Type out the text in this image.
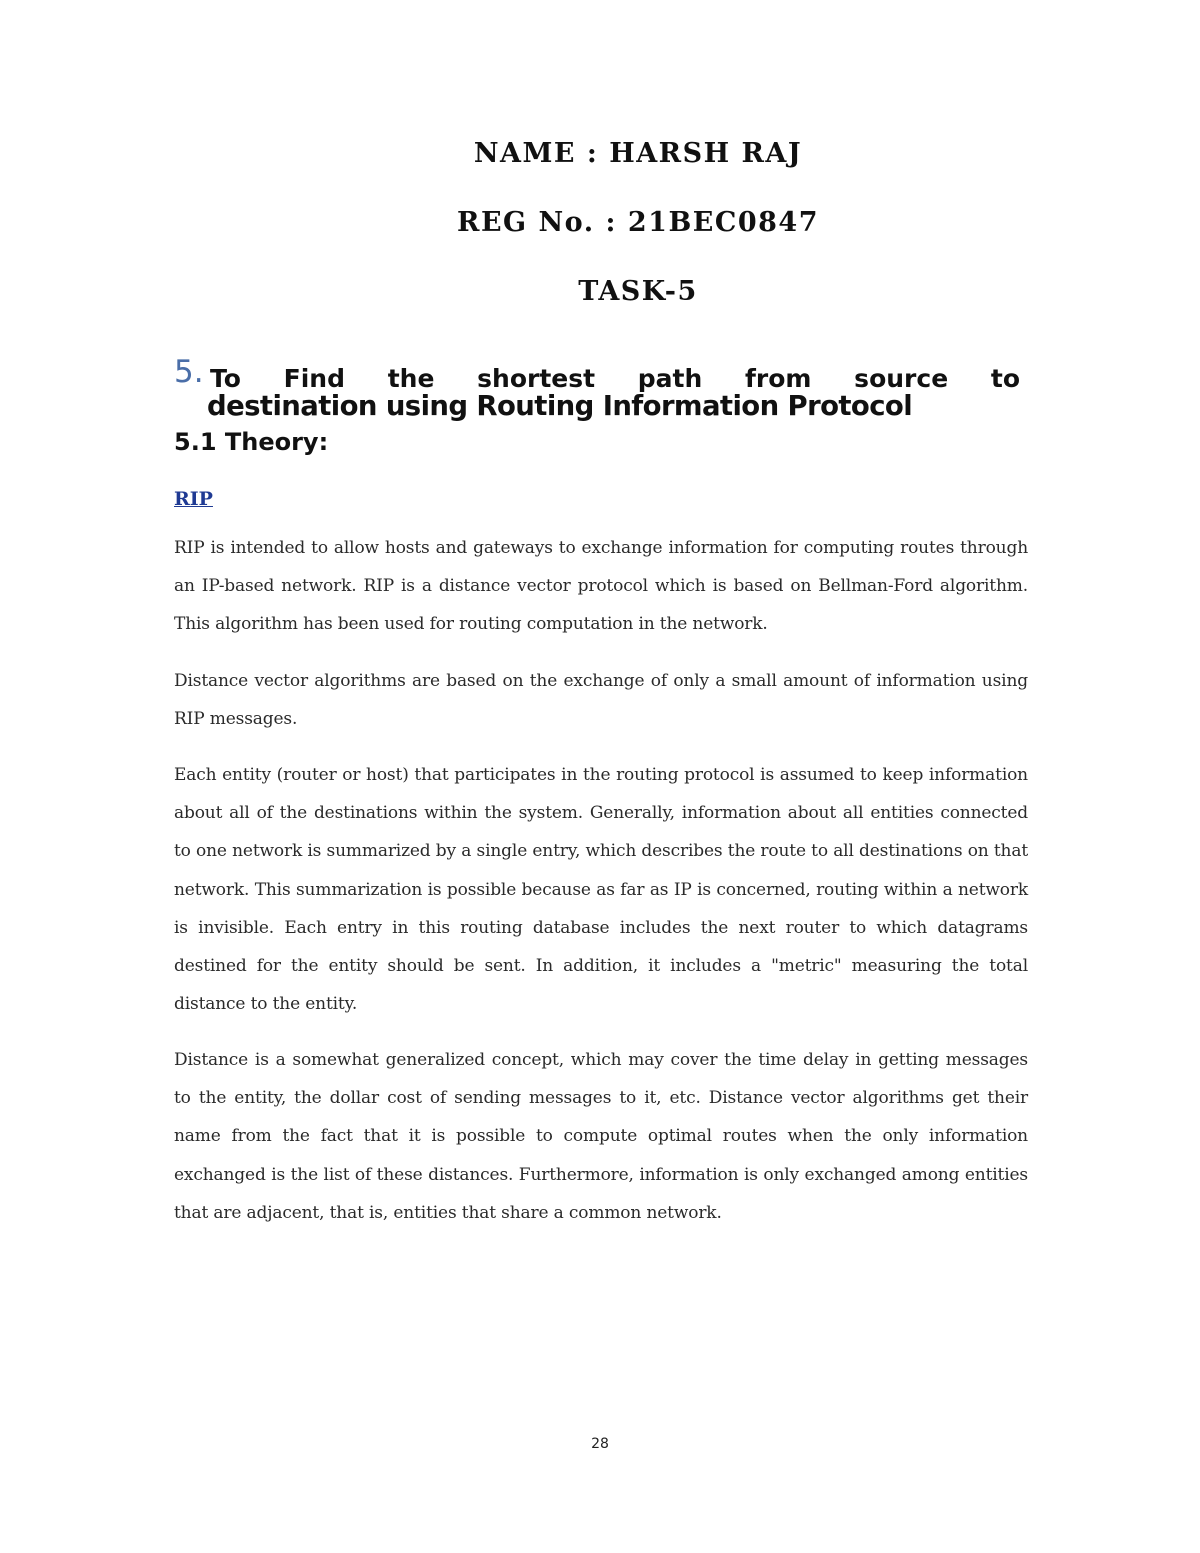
NAME : HARSH RAJ
REG No. : 21BEC0847
TASK-5
5. To Find the shortest path from source to
destination using Routing Information Protocol
5.1 Theory:
RIP

RIP is intended to allow hosts and gateways to exchange information for computing routes through an IP-based network. RIP is a distance vector protocol which is based on Bellman-Ford algorithm. This algorithm has been used for routing computation in the network.

Distance vector algorithms are based on the exchange of only a small amount of information using RIP messages.

Each entity (router or host) that participates in the routing protocol is assumed to keep information about all of the destinations within the system. Generally, information about all entities connected to one network is summarized by a single entry, which describes the route to all destinations on that network. This summarization is possible because as far as IP is concerned, routing within a network is invisible. Each entry in this routing database includes the next router to which datagrams destined for the entity should be sent. In addition, it includes a "metric" measuring the total distance to the entity.

Distance is a somewhat generalized concept, which may cover the time delay in getting messages to the entity, the dollar cost of sending messages to it, etc. Distance vector algorithms get their name from the fact that it is possible to compute optimal routes when the only information exchanged is the list of these distances. Furthermore, information is only exchanged among entities that are adjacent, that is, entities that share a common network.

28
